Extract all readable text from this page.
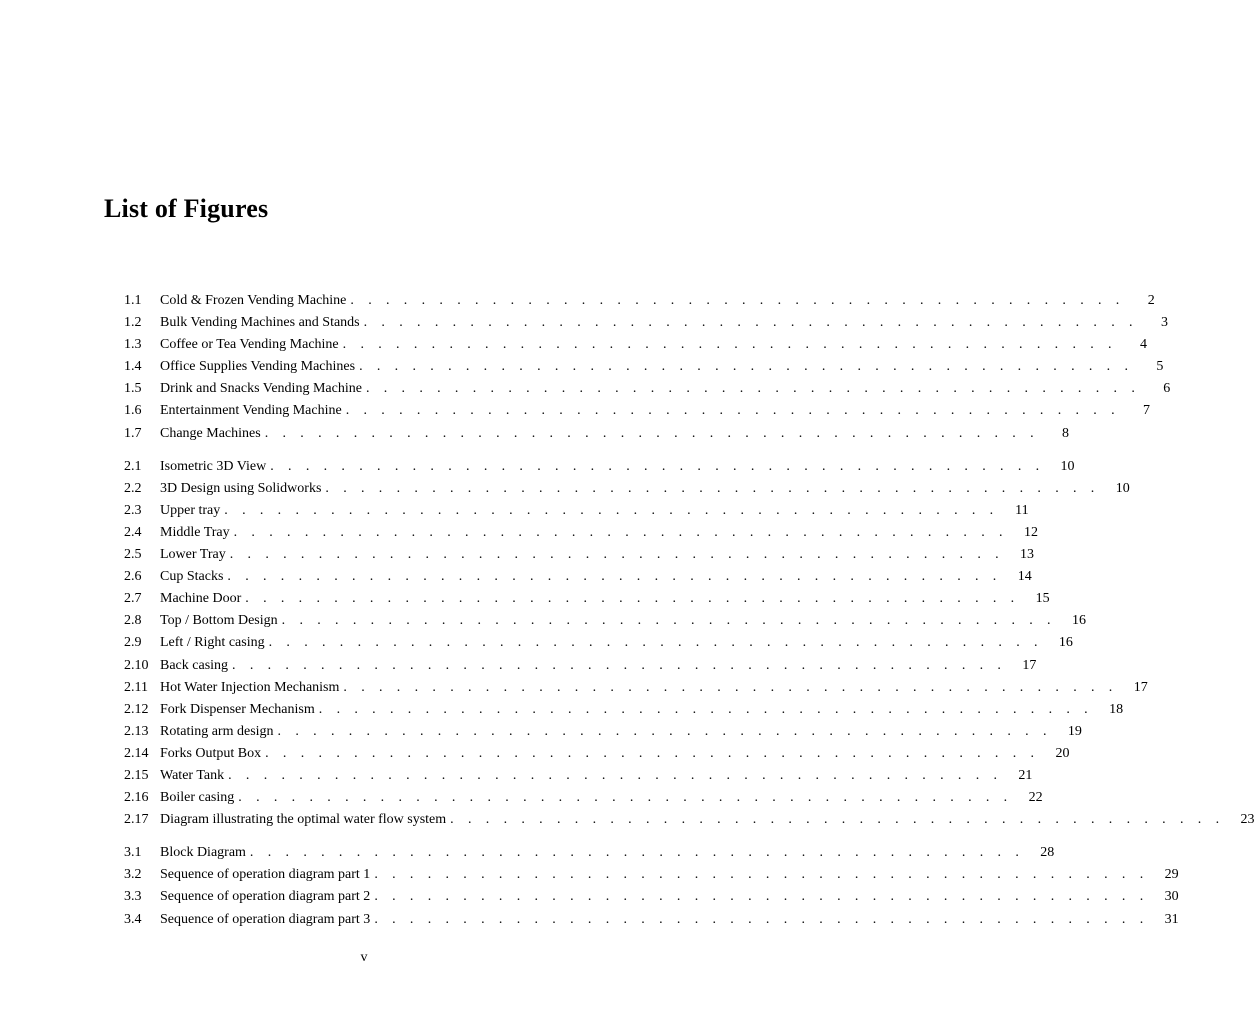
List of Figures
1.1	Cold & Frozen Vending Machine . . . . . . . . . . . . . . . . . . . . . . . . . . . . . . . . . . . . . . . . . . . .	2
1.2	Bulk Vending Machines and Stands . . . . . . . . . . . . . . . . . . . . . . . . . . . . . . . . . . . . . . . . . . . .	3
1.3	Coffee or Tea Vending Machine . . . . . . . . . . . . . . . . . . . . . . . . . . . . . . . . . . . . . . . . . . . .	4
1.4	Office Supplies Vending Machines . . . . . . . . . . . . . . . . . . . . . . . . . . . . . . . . . . . . . . . . . . . .	5
1.5	Drink and Snacks Vending Machine . . . . . . . . . . . . . . . . . . . . . . . . . . . . . . . . . . . . . . . . . . . .	6
1.6	Entertainment Vending Machine . . . . . . . . . . . . . . . . . . . . . . . . . . . . . . . . . . . . . . . . . . . .	7
1.7	Change Machines . . . . . . . . . . . . . . . . . . . . . . . . . . . . . . . . . . . . . . . . . . . .	8
2.1	Isometric 3D View . . . . . . . . . . . . . . . . . . . . . . . . . . . . . . . . . . . . . . . . . . . .	10
2.2	3D Design using Solidworks . . . . . . . . . . . . . . . . . . . . . . . . . . . . . . . . . . . . . . . . . . . .	10
2.3	Upper tray . . . . . . . . . . . . . . . . . . . . . . . . . . . . . . . . . . . . . . . . . . . .	11
2.4	Middle Tray . . . . . . . . . . . . . . . . . . . . . . . . . . . . . . . . . . . . . . . . . . . .	12
2.5	Lower Tray . . . . . . . . . . . . . . . . . . . . . . . . . . . . . . . . . . . . . . . . . . . .	13
2.6	Cup Stacks . . . . . . . . . . . . . . . . . . . . . . . . . . . . . . . . . . . . . . . . . . . .	14
2.7	Machine Door . . . . . . . . . . . . . . . . . . . . . . . . . . . . . . . . . . . . . . . . . . . .	15
2.8	Top / Bottom Design . . . . . . . . . . . . . . . . . . . . . . . . . . . . . . . . . . . . . . . . . . . .	16
2.9	Left / Right casing . . . . . . . . . . . . . . . . . . . . . . . . . . . . . . . . . . . . . . . . . . . .	16
2.10 Back casing . . . . . . . . . . . . . . . . . . . . . . . . . . . . . . . . . . . . . . . . . . . .	17
2.11 Hot Water Injection Mechanism . . . . . . . . . . . . . . . . . . . . . . . . . . . . . . . . . . . . . . . . . . . .	17
2.12 Fork Dispenser Mechanism . . . . . . . . . . . . . . . . . . . . . . . . . . . . . . . . . . . . . . . . . . . .	18
2.13 Rotating arm design . . . . . . . . . . . . . . . . . . . . . . . . . . . . . . . . . . . . . . . . . . . .	19
2.14 Forks Output Box . . . . . . . . . . . . . . . . . . . . . . . . . . . . . . . . . . . . . . . . . . . .	20
2.15 Water Tank . . . . . . . . . . . . . . . . . . . . . . . . . . . . . . . . . . . . . . . . . . . .	21
2.16 Boiler casing . . . . . . . . . . . . . . . . . . . . . . . . . . . . . . . . . . . . . . . . . . . .	22
2.17 Diagram illustrating the optimal water flow system . . . . . . . . . . . . . . . . . . . . . . . . . . . . . . . . . . . . . . . . . . . .	23
3.1	Block Diagram . . . . . . . . . . . . . . . . . . . . . . . . . . . . . . . . . . . . . . . . . . . .	28
3.2	Sequence of operation diagram part 1 . . . . . . . . . . . . . . . . . . . . . . . . . . . . . . . . . . . . . . . . . . . .	29
3.3	Sequence of operation diagram part 2 . . . . . . . . . . . . . . . . . . . . . . . . . . . . . . . . . . . . . . . . . . . .	30
3.4	Sequence of operation diagram part 3 . . . . . . . . . . . . . . . . . . . . . . . . . . . . . . . . . . . . . . . . . . . .	31
v
